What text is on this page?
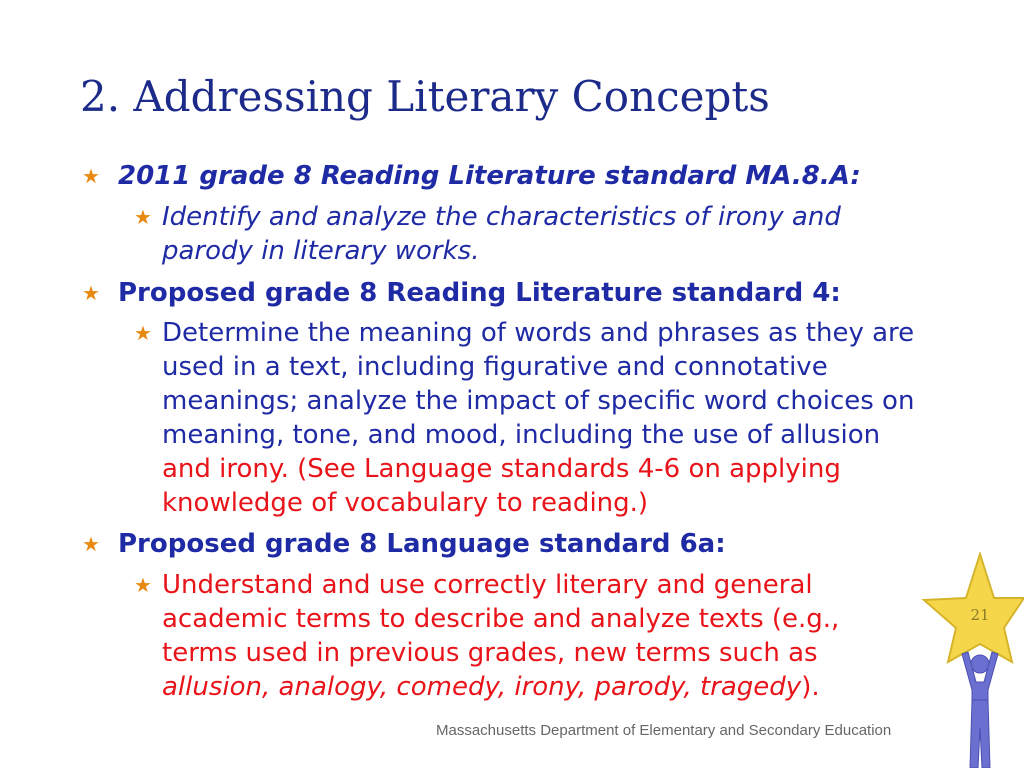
2. Addressing Literary Concepts
★ 2011 grade 8 Reading Literature standard MA.8.A:
★ Identify and analyze the characteristics of irony and parody in literary works.
★ Proposed grade 8 Reading Literature standard 4:
★ Determine the meaning of words and phrases as they are used in a text, including figurative and connotative meanings; analyze the impact of specific word choices on meaning, tone, and mood, including the use of allusion and irony. (See Language standards 4-6 on applying knowledge of vocabulary to reading.)
★ Proposed grade 8 Language standard 6a:
★ Understand and use correctly literary and general academic terms to describe and analyze texts (e.g., terms used in previous grades, new terms such as allusion, analogy, comedy, irony, parody, tragedy).
Massachusetts Department of Elementary and Secondary Education
21
